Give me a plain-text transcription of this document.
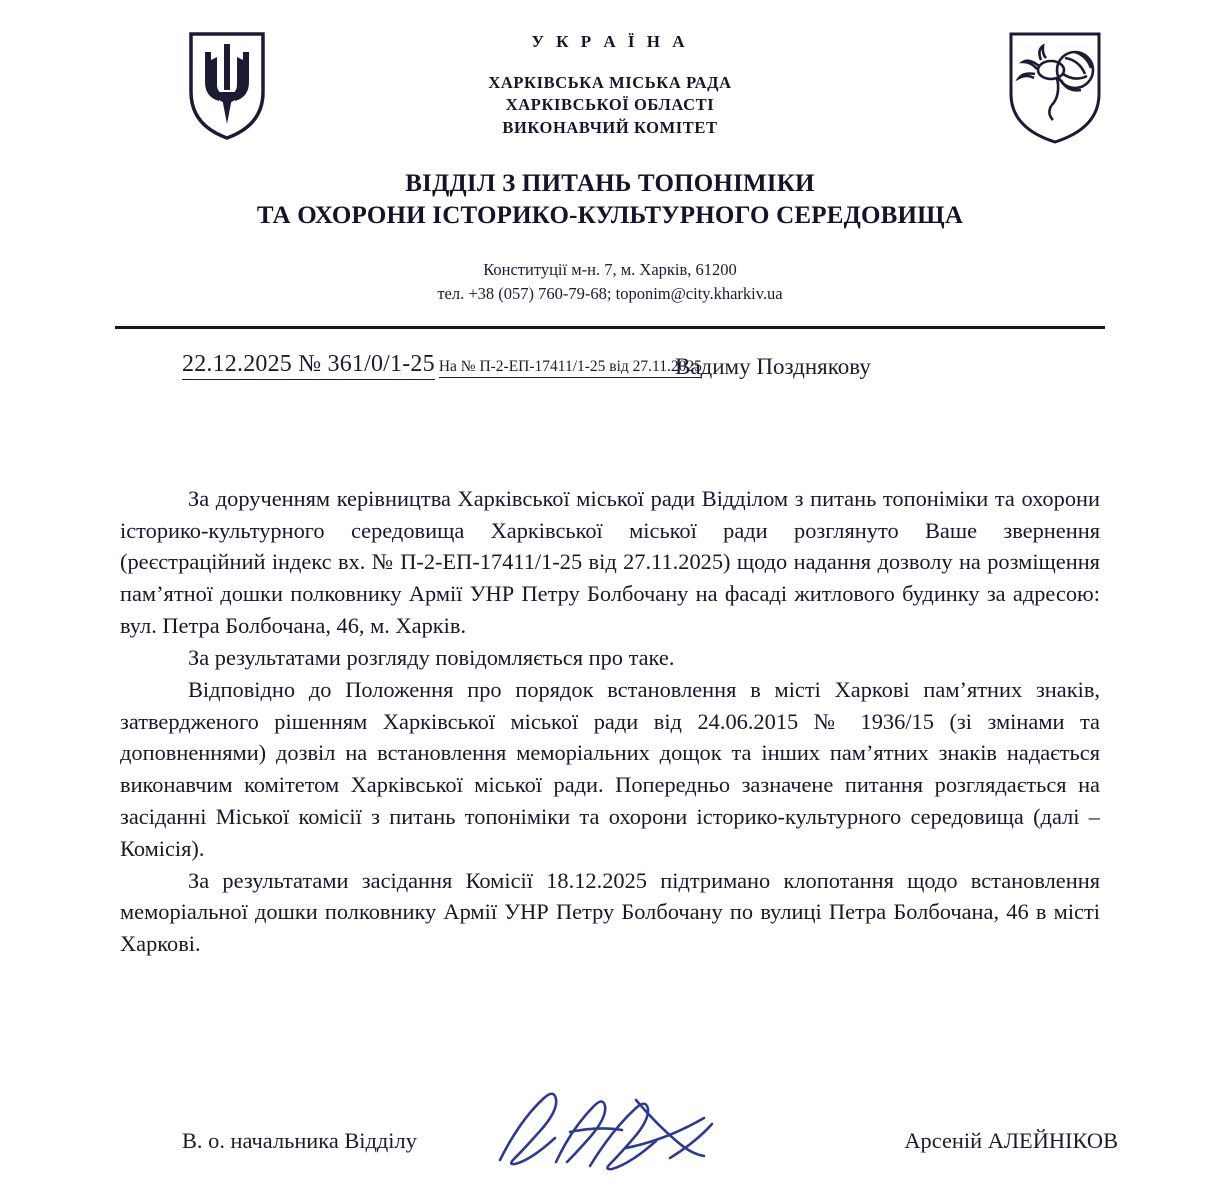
У К Р А Ї Н А
ХАРКІВСЬКА МІСЬКА РАДА
ХАРКІВСЬКОЇ ОБЛАСТІ
ВИКОНАВЧИЙ КОМІТЕТ
ВІДДІЛ З ПИТАНЬ ТОПОНІМІКИ
ТА ОХОРОНИ ІСТОРИКО-КУЛЬТУРНОГО СЕРЕДОВИЩА
Конституції м-н. 7, м. Харків, 61200
тел. +38 (057) 760-79-68; toponim@city.kharkiv.ua
22.12.2025 № 361/0/1-25 На № П-2-ЕП-17411/1-25 від 27.11.2025
Вадиму Позднякову

За дорученням керівництва Харківської міської ради Відділом з питань топоніміки та охорони історико-культурного середовища Харківської міської ради розглянуто Ваше звернення (реєстраційний індекс вх. № П-2-ЕП-17411/1-25 від 27.11.2025) щодо надання дозволу на розміщення пам’ятної дошки полковнику Армії УНР Петру Болбочану на фасаді житлового будинку за адресою: вул. Петра Болбочана, 46, м. Харків.

За результатами розгляду повідомляється про таке.

Відповідно до Положення про порядок встановлення в місті Харкові пам’ятних знаків, затвердженого рішенням Харківської міської ради від 24.06.2015 № 1936/15 (зі змінами та доповненнями) дозвіл на встановлення меморіальних дощок та інших пам’ятних знаків надається виконавчим комітетом Харківської міської ради. Попередньо зазначене питання розглядається на засіданні Міської комісії з питань топоніміки та охорони історико-культурного середовища (далі – Комісія).

За результатами засідання Комісії 18.12.2025 підтримано клопотання щодо встановлення меморіальної дошки полковнику Армії УНР Петру Болбочану по вулиці Петра Болбочана, 46 в місті Харкові.

В. о. начальника Відділу	Арсеній АЛЕЙНІКОВ
